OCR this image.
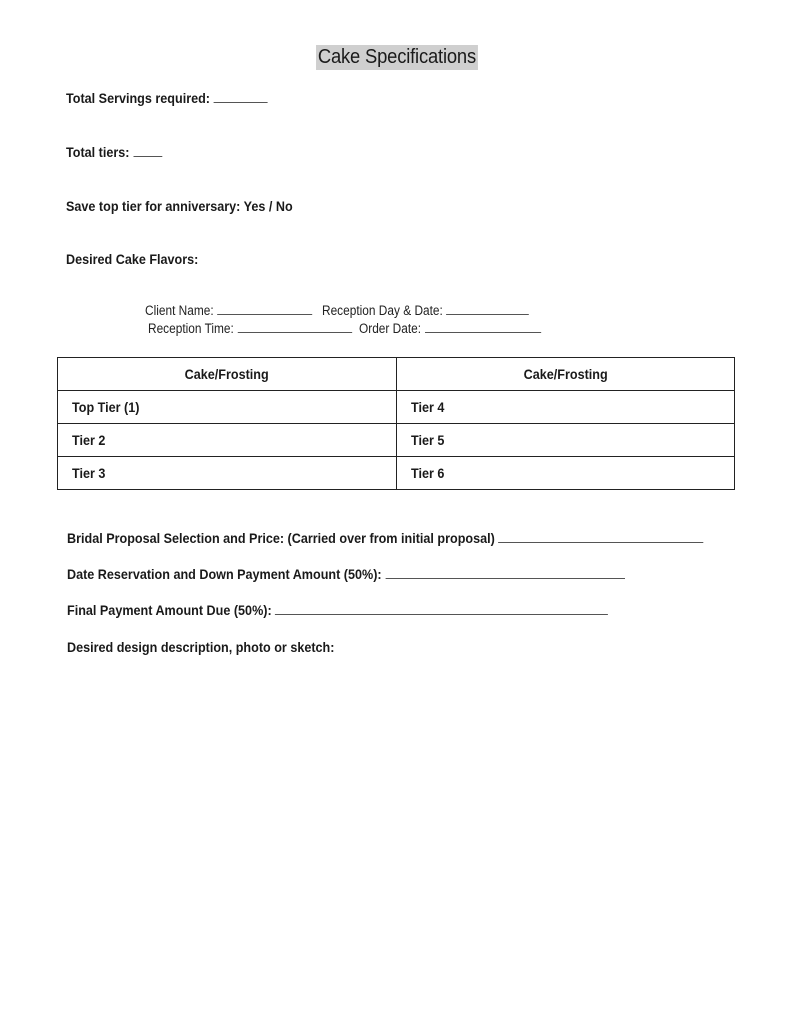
Cake Specifications
Total Servings required:
Total tiers:
Save top tier for anniversary: Yes / No
Desired Cake Flavors:
Client Name:	Reception Day & Date:
Reception Time:	Order Date:
Cake/Frosting	Cake/Frosting
Top Tier (1)	Tier 4
Tier 2	Tier 5
Tier 3	Tier 6
Bridal Proposal Selection and Price: (Carried over from initial proposal)
Date Reservation and Down Payment Amount (50%):
Final Payment Amount Due (50%):
Desired design description, photo or sketch:
